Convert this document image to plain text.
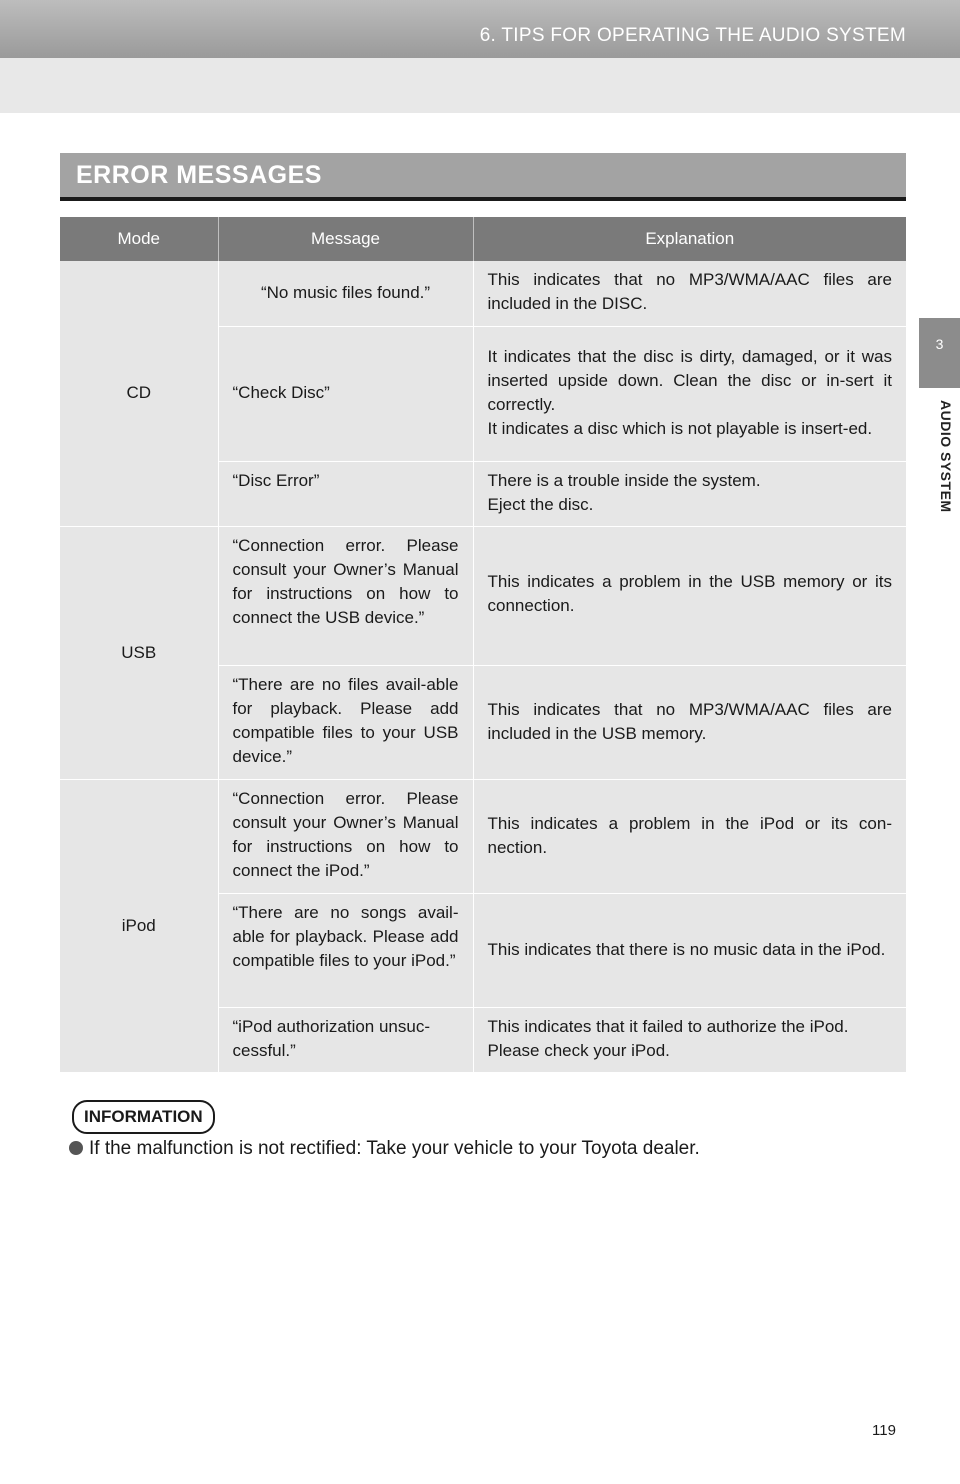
6. TIPS FOR OPERATING THE AUDIO SYSTEM
3
AUDIO SYSTEM
ERROR MESSAGES
Mode	Message	Explanation
CD	“No music files found.”	This indicates that no MP3/WMA/AAC files are included in the DISC.
	“Check Disc”	It indicates that the disc is dirty, damaged, or it was inserted upside down. Clean the disc or in-sert it correctly.
It indicates a disc which is not playable is insert-ed.

	“Disc Error”	There is a trouble inside the system.
Eject the disc.

USB	“Connection error. Please consult your Owner’s Manual for instructions on how to connect the USB device.”	This indicates a problem in the USB memory or its connection.
	“There are no files avail-able for playback. Please add compatible files to your USB device.”	This indicates that no MP3/WMA/AAC files are included in the USB memory.
iPod	“Connection error. Please consult your Owner’s Manual for instructions on how to connect the iPod.”	This indicates a problem in the iPod or its con-nection.
	“There are no songs avail-able for playback. Please add compatible files to your iPod.”	This indicates that there is no music data in the iPod.
	“iPod authorization unsuc-cessful.”	This indicates that it failed to authorize the iPod.
Please check your iPod.
INFORMATION
If the malfunction is not rectified: Take your vehicle to your Toyota dealer.
119
